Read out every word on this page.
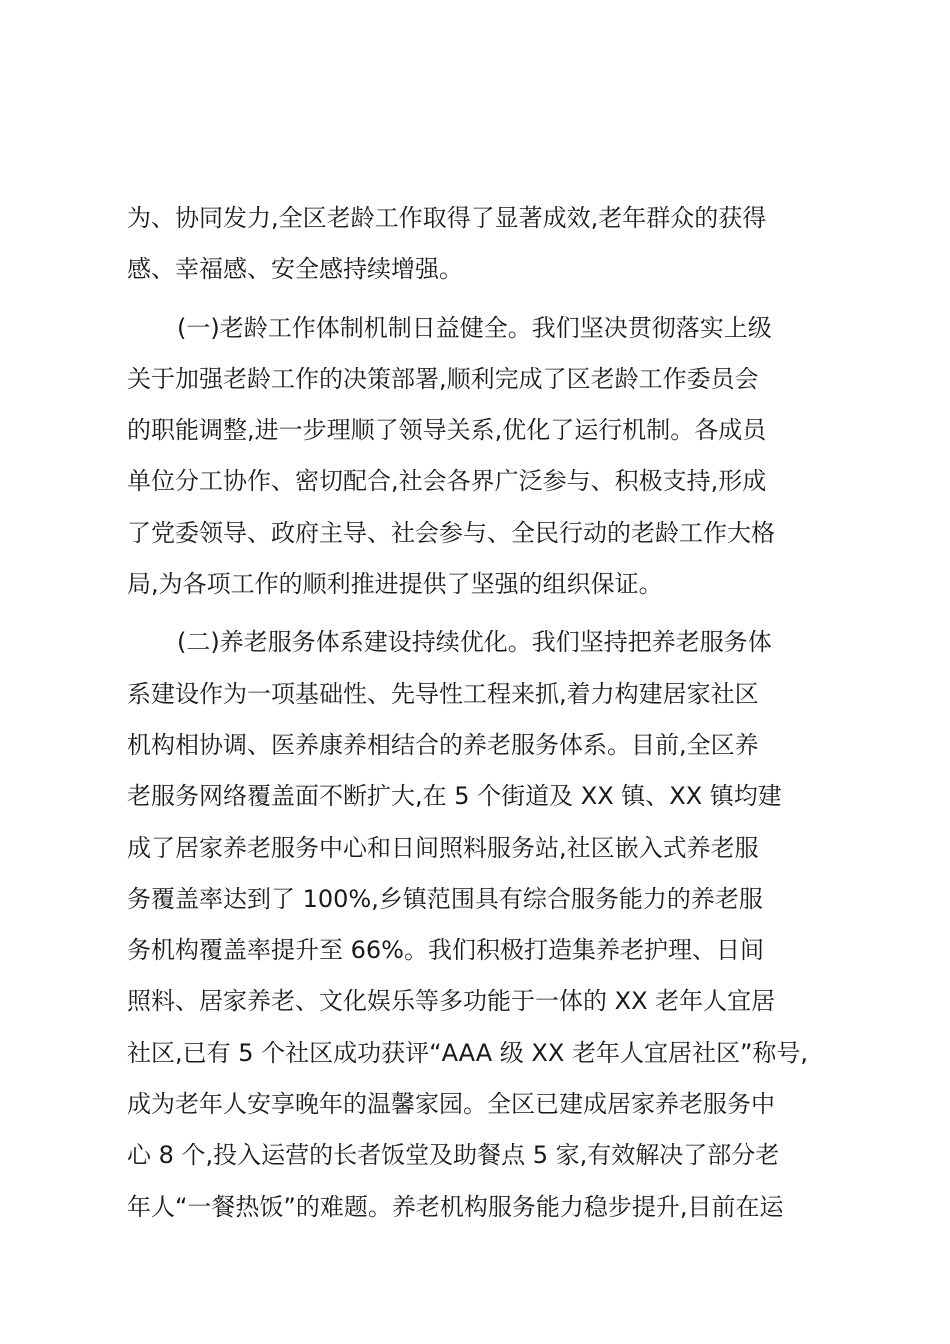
为、协同发力,全区老龄工作取得了显著成效,老年群众的获得
感、幸福感、安全感持续增强。
(一)老龄工作体制机制日益健全。我们坚决贯彻落实上级
关于加强老龄工作的决策部署,顺利完成了区老龄工作委员会
的职能调整,进一步理顺了领导关系,优化了运行机制。各成员
单位分工协作、密切配合,社会各界广泛参与、积极支持,形成
了党委领导、政府主导、社会参与、全民行动的老龄工作大格
局,为各项工作的顺利推进提供了坚强的组织保证。
(二)养老服务体系建设持续优化。我们坚持把养老服务体
系建设作为一项基础性、先导性工程来抓,着力构建居家社区
机构相协调、医养康养相结合的养老服务体系。目前,全区养
老服务网络覆盖面不断扩大,在 5 个街道及 XX 镇、XX 镇均建
成了居家养老服务中心和日间照料服务站,社区嵌入式养老服
务覆盖率达到了 100%,乡镇范围具有综合服务能力的养老服
务机构覆盖率提升至 66%。我们积极打造集养老护理、日间
照料、居家养老、文化娱乐等多功能于一体的 XX 老年人宜居
社区,已有 5 个社区成功获评“AAA 级 XX 老年人宜居社区”称号,
成为老年人安享晚年的温馨家园。全区已建成居家养老服务中
心 8 个,投入运营的长者饭堂及助餐点 5 家,有效解决了部分老
年人“一餐热饭”的难题。养老机构服务能力稳步提升,目前在运
